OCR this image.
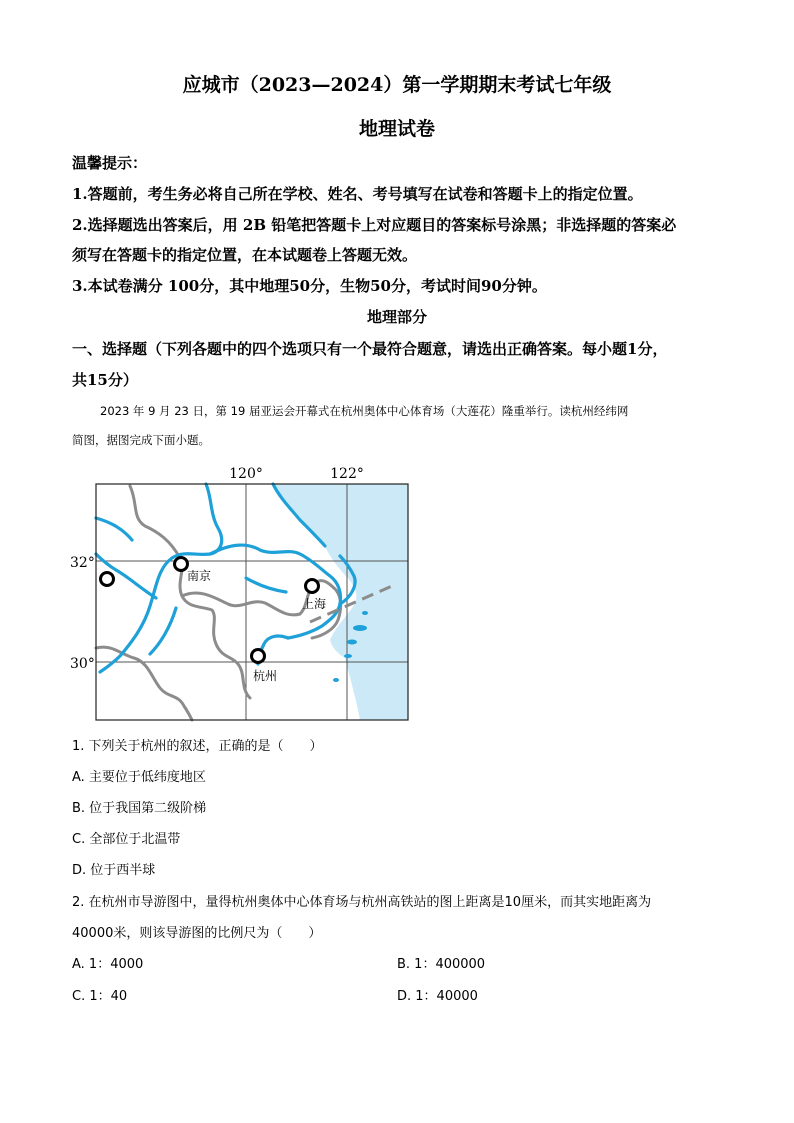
应城市（2023—2024）第一学期期末考试七年级
地理试卷
温馨提示：
1.答题前，考生务必将自己所在学校、姓名、考号填写在试卷和答题卡上的指定位置。
2.选择题选出答案后，用 2B 铅笔把答题卡上对应题目的答案标号涂黑；非选择题的答案必
须写在答题卡的指定位置，在本试题卷上答题无效。
3.本试卷满分 100分，其中地理50分，生物50分，考试时间90分钟。
地理部分
一、选择题（下列各题中的四个选项只有一个最符合题意，请选出正确答案。每小题1分，
共15分）
2023 年 9 月 23 日，第 19 届亚运会开幕式在杭州奥体中心体育场（大莲花）隆重举行。读杭州经纬网
简图，据图完成下面小题。
120°	122°
32°
30°
南京
上海
杭州
1. 下列关于杭州的叙述，正确的是（　　）
A. 主要位于低纬度地区
B. 位于我国第二级阶梯
C. 全部位于北温带
D. 位于西半球
2. 在杭州市导游图中，量得杭州奥体中心体育场与杭州高铁站的图上距离是10厘米，而其实地距离为
40000米，则该导游图的比例尺为（　　）
A. 1：4000	B. 1：400000
C. 1：40	D. 1：40000
